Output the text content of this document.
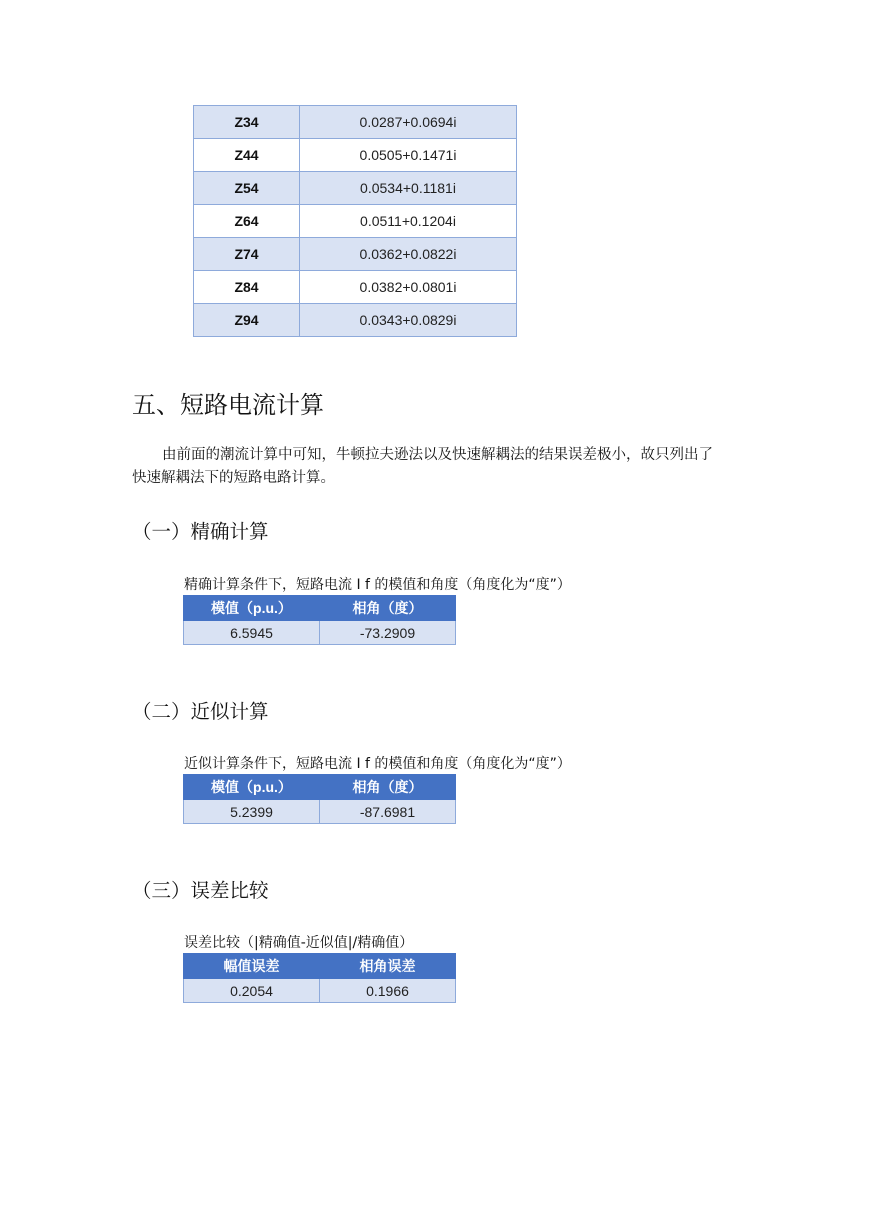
Z34	0.0287+0.0694i
Z44	0.0505+0.1471i
Z54	0.0534+0.1181i
Z64	0.0511+0.1204i
Z74	0.0362+0.0822i
Z84	0.0382+0.0801i
Z94	0.0343+0.0829i
五、短路电流计算

由前面的潮流计算中可知，牛顿拉夫逊法以及快速解耦法的结果误差极小，故只列出了
快速解耦法下的短路电路计算。

（一）精确计算

精确计算条件下，短路电流 I f 的模值和角度（角度化为“度”）

模值（p.u.）	相角（度）
6.5945	-73.2909
（二）近似计算

近似计算条件下，短路电流 I f 的模值和角度（角度化为“度”）

模值（p.u.）	相角（度）
5.2399	-87.6981
（三）误差比较

误差比较（|精确值-近似值|/精确值）

幅值误差	相角误差
0.2054	0.1966
